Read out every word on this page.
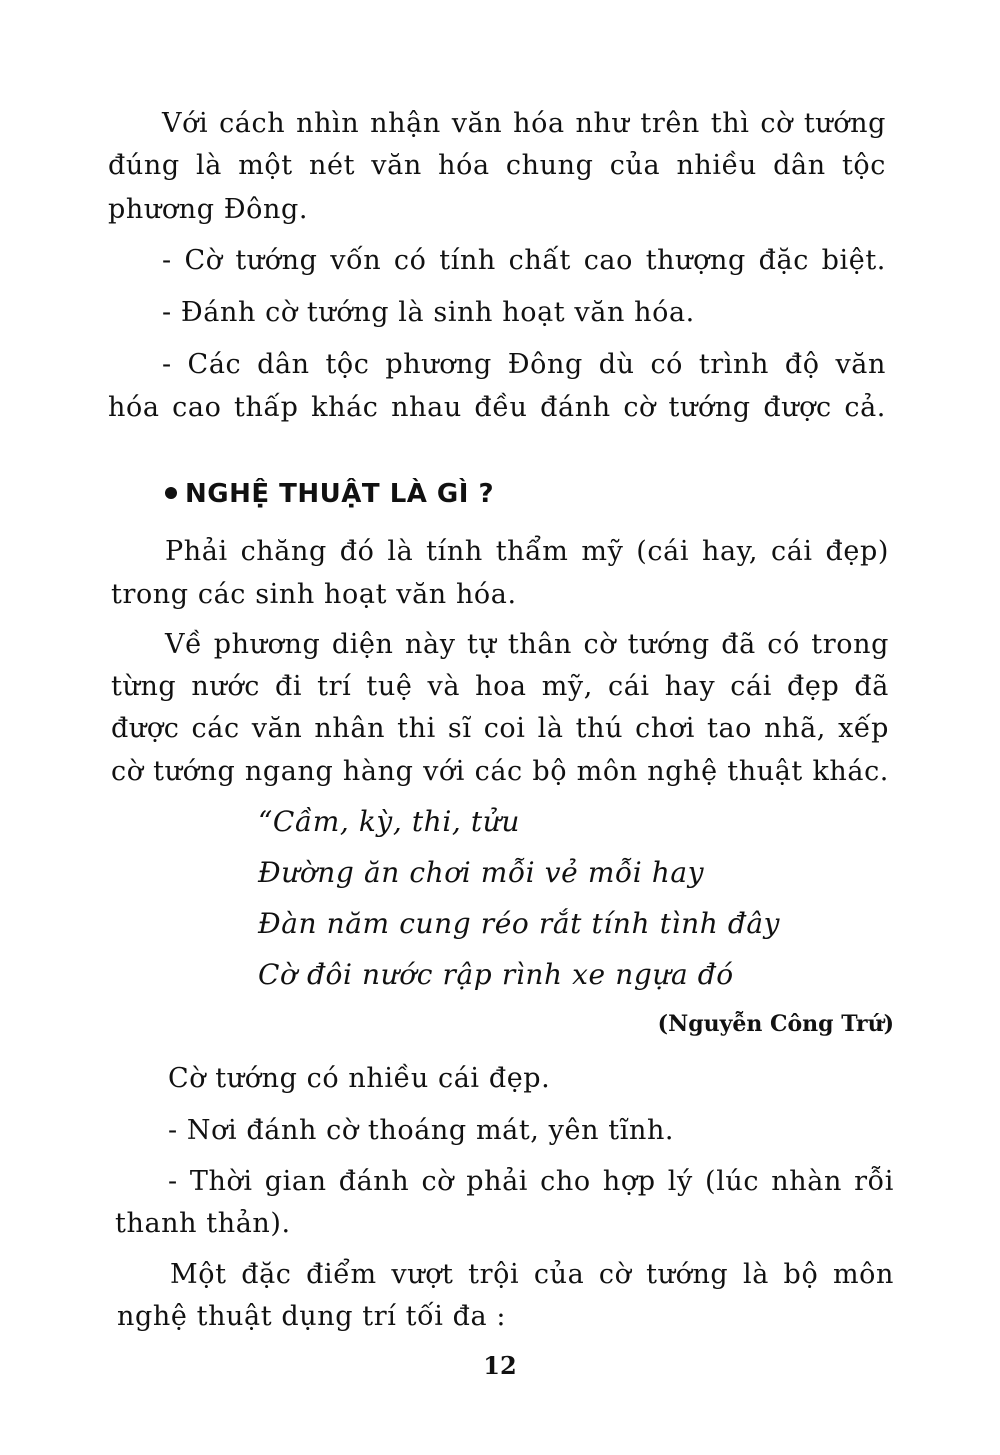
Với cách nhìn nhận văn hóa như trên thì cờ tướng
đúng là một nét văn hóa chung của nhiều dân tộc
phương Đông.
- Cờ tướng vốn có tính chất cao thượng đặc biệt.
- Đánh cờ tướng là sinh hoạt văn hóa.
- Các dân tộc phương Đông dù có trình độ văn
hóa cao thấp khác nhau đều đánh cờ tướng được cả.
NGHỆ THUẬT LÀ GÌ ?
Phải chăng đó là tính thẩm mỹ (cái hay, cái đẹp)
trong các sinh hoạt văn hóa.
Về phương diện này tự thân cờ tướng đã có trong
từng nước đi trí tuệ và hoa mỹ, cái hay cái đẹp đã
được các văn nhân thi sĩ coi là thú chơi tao nhã, xếp
cờ tướng ngang hàng với các bộ môn nghệ thuật khác.
“Cầm, kỳ, thi, tửu
Đường ăn chơi mỗi vẻ mỗi hay
Đàn năm cung réo rắt tính tình đây
Cờ đôi nước rập rình xe ngựa đó
(Nguyễn Công Trứ)
Cờ tướng có nhiều cái đẹp.
- Nơi đánh cờ thoáng mát, yên tĩnh.
- Thời gian đánh cờ phải cho hợp lý (lúc nhàn rỗi
thanh thản).
Một đặc điểm vượt trội của cờ tướng là bộ môn
nghệ thuật dụng trí tối đa :
12
